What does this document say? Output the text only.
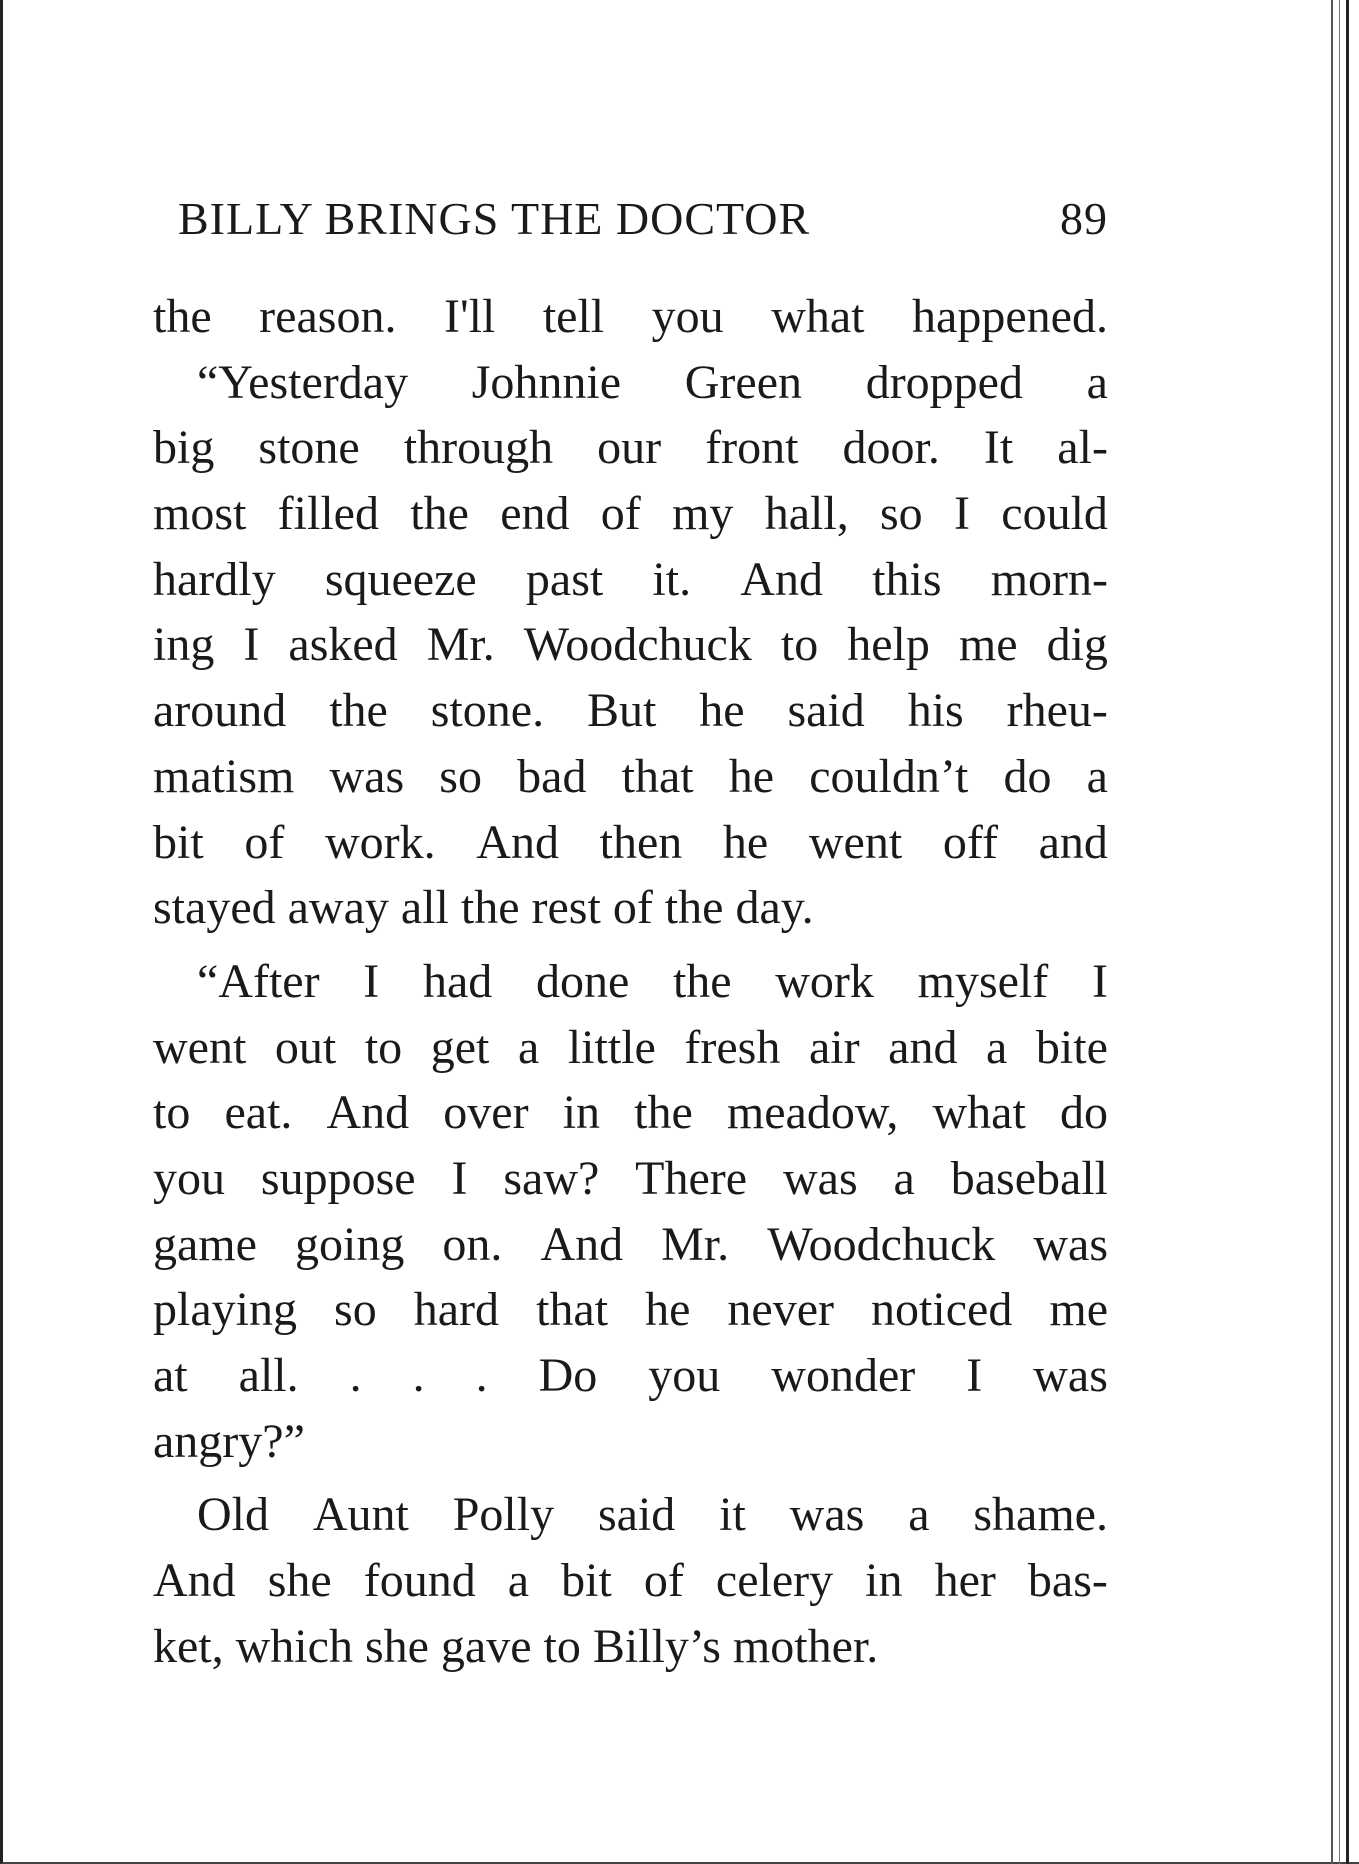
BILLY BRINGS THE DOCTOR	89
the reason. I'll tell you what happened.
“Yesterday Johnnie Green dropped a
big stone through our front door. It al-
most filled the end of my hall, so I could
hardly squeeze past it. And this morn-
ing I asked Mr. Woodchuck to help me dig
around the stone. But he said his rheu-
matism was so bad that he couldn’t do a
bit of work. And then he went off and
stayed away all the rest of the day.
“After I had done the work myself I
went out to get a little fresh air and a bite
to eat. And over in the meadow, what do
you suppose I saw? There was a baseball
game going on. And Mr. Woodchuck was
playing so hard that he never noticed me
at all. . . . Do you wonder I was
angry?”
Old Aunt Polly said it was a shame.
And she found a bit of celery in her bas-
ket, which she gave to Billy’s mother.
